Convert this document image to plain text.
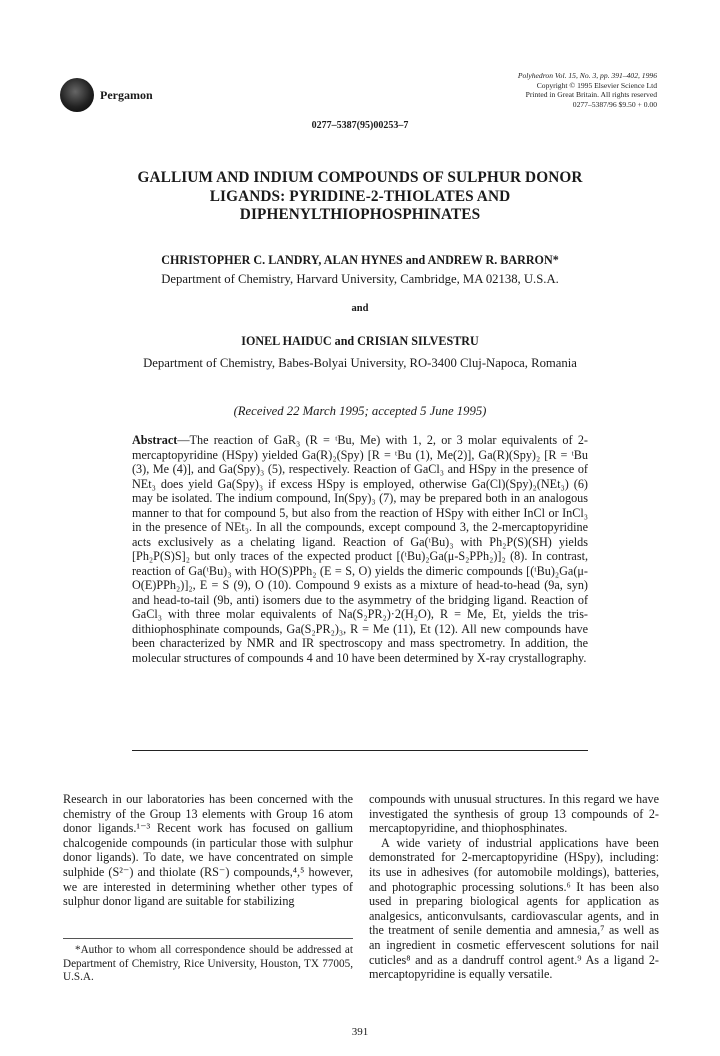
Pergamon
Polyhedron Vol. 15, No. 3, pp. 391–402, 1996
Copyright © 1995 Elsevier Science Ltd
Printed in Great Britain. All rights reserved
0277–5387/96 $9.50 + 0.00
0277–5387(95)00253–7
GALLIUM AND INDIUM COMPOUNDS OF SULPHUR DONOR LIGANDS: PYRIDINE-2-THIOLATES AND DIPHENYLTHIOPHOSPHINATES
CHRISTOPHER C. LANDRY, ALAN HYNES and ANDREW R. BARRON*
Department of Chemistry, Harvard University, Cambridge, MA 02138, U.S.A.
and
IONEL HAIDUC and CRISIAN SILVESTRU
Department of Chemistry, Babes-Bolyai University, RO-3400 Cluj-Napoca, Romania
(Received 22 March 1995; accepted 5 June 1995)

Abstract—The reaction of GaR₃ (R = ᵗBu, Me) with 1, 2, or 3 molar equivalents of 2-mercaptopyridine (HSpy) yielded Ga(R)₂(Spy) [R = ᵗBu (1), Me(2)], Ga(R)(Spy)₂ [R = ᵗBu (3), Me (4)], and Ga(Spy)₃ (5), respectively. Reaction of GaCl₃ and HSpy in the presence of NEt₃ does yield Ga(Spy)₃ if excess HSpy is employed, otherwise Ga(Cl)(Spy)₂(NEt₃) (6) may be isolated. The indium compound, In(Spy)₃ (7), may be prepared both in an analogous manner to that for compound 5, but also from the reaction of HSpy with either InCl or InCl₃ in the presence of NEt₃. In all the compounds, except compound 3, the 2-mercaptopyridine acts exclusively as a chelating ligand. Reaction of Ga(ᵗBu)₃ with Ph₂P(S)(SH) yields [Ph₂P(S)S]₂ but only traces of the expected product [(ᵗBu)₂Ga(μ-S₂PPh₂)]₂ (8). In contrast, reaction of Ga(ᵗBu)₃ with HO(S)PPh₂ (E = S, O) yields the dimeric compounds [(ᵗBu)₂Ga(μ-O(E)PPh₂)]₂, E = S (9), O (10). Compound 9 exists as a mixture of head-to-head (9a, syn) and head-to-tail (9b, anti) isomers due to the asymmetry of the bridging ligand. Reaction of GaCl₃ with three molar equivalents of Na(S₂PR₂)·2(H₂O), R = Me, Et, yields the tris-dithiophosphinate compounds, Ga(S₂PR₂)₃, R = Me (11), Et (12). All new compounds have been characterized by NMR and IR spectroscopy and mass spectrometry. In addition, the molecular structures of compounds 4 and 10 have been determined by X-ray crystallography.

Research in our laboratories has been concerned with the chemistry of the Group 13 elements with Group 16 atom donor ligands.¹⁻³ Recent work has focused on gallium chalcogenide compounds (in particular those with sulphur donor ligands). To date, we have concentrated on simple sulphide (S²⁻) and thiolate (RS⁻) compounds,⁴,⁵ however, we are interested in determining whether other types of sulphur donor ligand are suitable for stabilizing

compounds with unusual structures. In this regard we have investigated the synthesis of group 13 compounds of 2-mercaptopyridine, and thiophosphinates.

A wide variety of industrial applications have been demonstrated for 2-mercaptopyridine (HSpy), including: its use in adhesives (for automobile moldings), batteries, and photographic processing solutions.⁶ It has been also used in preparing biological agents for application as analgesics, anticonvulsants, cardiovascular agents, and in the treatment of senile dementia and amnesia,⁷ as well as an ingredient in cosmetic effervescent solutions for nail cuticles⁸ and as a dandruff control agent.⁹ As a ligand 2-mercaptopyridine is equally versatile.

*Author to whom all correspondence should be addressed at Department of Chemistry, Rice University, Houston, TX 77005, U.S.A.

391
